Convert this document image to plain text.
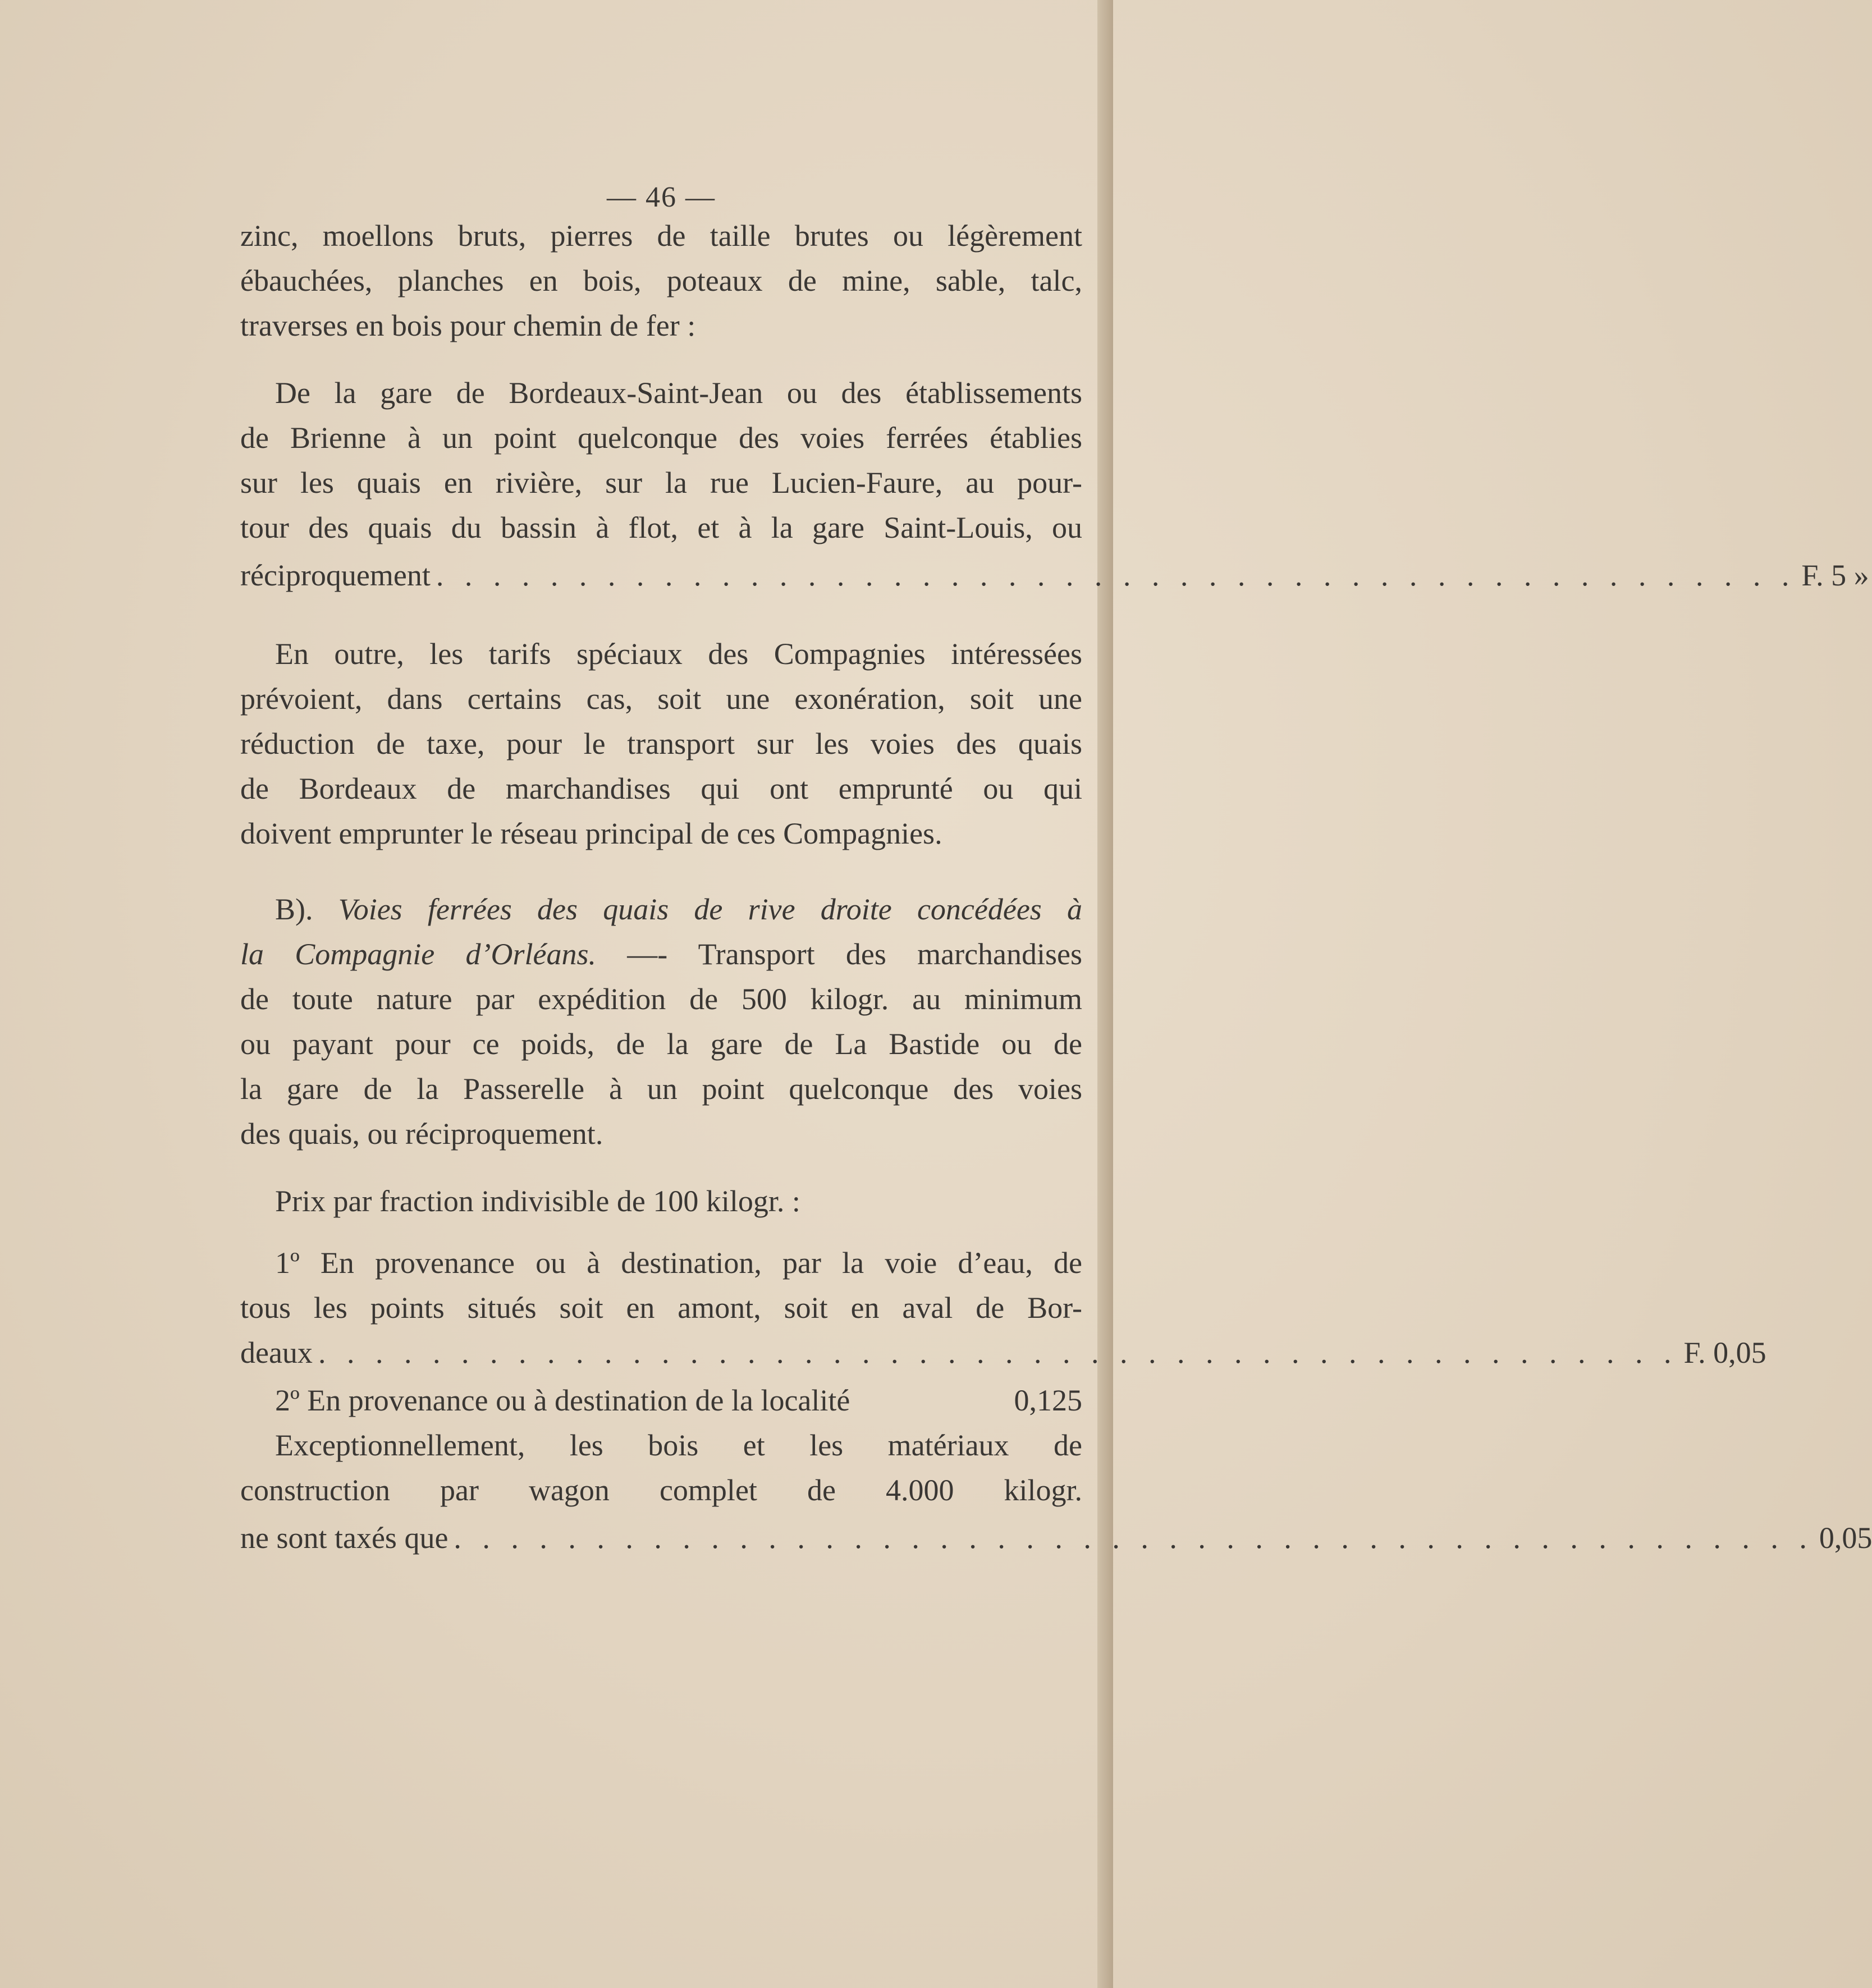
— 46 —
zinc, moellons bruts, pierres de taille brutes ou légèrement
ébauchées, planches en bois, poteaux de mine, sable, talc,
traverses en bois pour chemin de fer :
De la gare de Bordeaux-Saint-Jean ou des établissements
de Brienne à un point quelconque des voies ferrées établies
sur les quais en rivière, sur la rue Lucien-Faure, au pour-
tour des quais du bassin à flot, et à la gare Saint-Louis, ou
réciproquement . . . . . . . . . . . . . . . . . . . . . . . . . . . . . . . . . . . . . . . . . . . . . . . . F. 5 »
En outre, les tarifs spéciaux des Compagnies intéressées
prévoient, dans certains cas, soit une exonération, soit une
réduction de taxe, pour le transport sur les voies des quais
de Bordeaux de marchandises qui ont emprunté ou qui
doivent emprunter le réseau principal de ces Compagnies.
B). Voies ferrées des quais de rive droite concédées à
la Compagnie d’Orléans. —- Transport des marchandises
de toute nature par expédition de 500 kilogr. au minimum
ou payant pour ce poids, de la gare de La Bastide ou de
la gare de la Passerelle à un point quelconque des voies
des quais, ou réciproquement.
Prix par fraction indivisible de 100 kilogr. :
1º En provenance ou à destination, par la voie d’eau, de
tous les points situés soit en amont, soit en aval de Bor-
deaux . . . . . . . . . . . . . . . . . . . . . . . . . . . . . . . . . . . . . . . . . . . . . . . . F. 0,05
2º En provenance ou à destination de la localité	0,125
Exceptionnellement, les bois et les matériaux de
construction par wagon complet de 4.000 kilogr.
ne sont taxés que . . . . . . . . . . . . . . . . . . . . . . . . . . . . . . . . . . . . . . . . . . . . . . . . 0,05
